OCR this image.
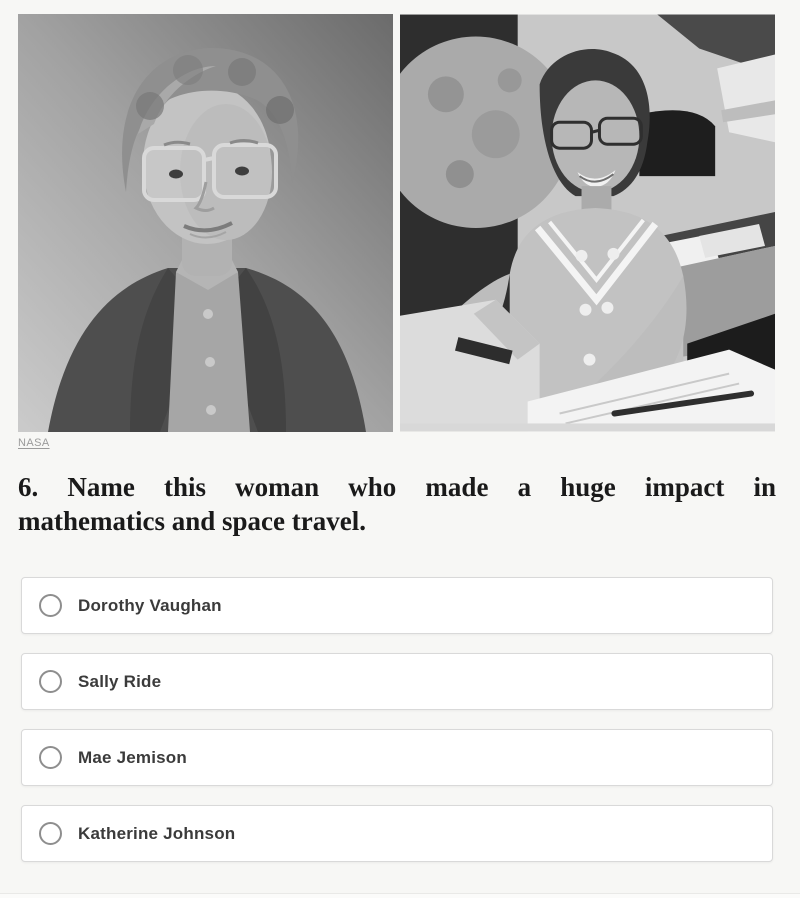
NASA
6. Name this woman who made a huge impact in
mathematics and space travel.
Dorothy Vaughan
Sally Ride
Mae Jemison
Katherine Johnson
